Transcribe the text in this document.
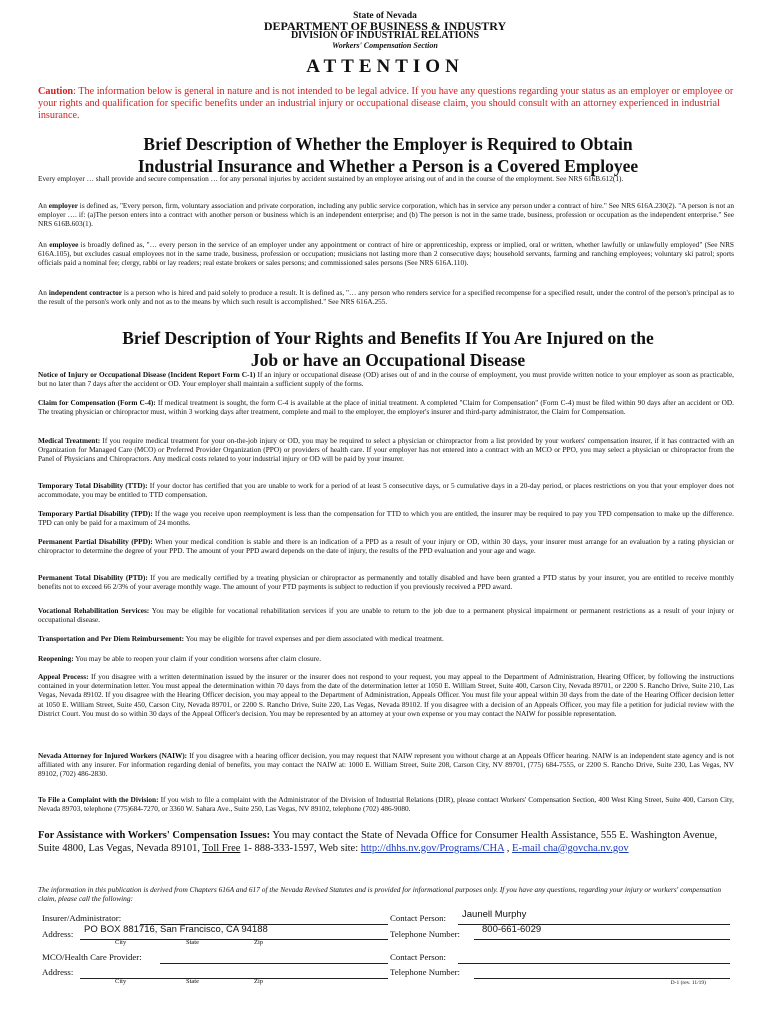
State of Nevada
DEPARTMENT OF BUSINESS & INDUSTRY
DIVISION OF INDUSTRIAL RELATIONS
Workers' Compensation Section
ATTENTION
Caution: The information below is general in nature and is not intended to be legal advice. If you have any questions regarding your status as an employer or employee or your rights and qualification for specific benefits under an industrial injury or occupational disease claim, you should consult with an attorney experienced in industrial insurance.
Brief Description of Whether the Employer is Required to Obtain
Industrial Insurance and Whether a Person is a Covered Employee
Every employer … shall provide and secure compensation … for any personal injuries by accident sustained by an employee arising out of and in the course of the employment. See NRS 616B.612(1).
An employer is defined as, "Every person, firm, voluntary association and private corporation, including any public service corporation, which has in service any person under a contract of hire." See NRS 616A.230(2). "A person is not an employer …. if: (a)The person enters into a contract with another person or business which is an independent enterprise; and (b) The person is not in the same trade, business, profession or occupation as the independent enterprise." See NRS 616B.603(1).
An employee is broadly defined as, "… every person in the service of an employer under any appointment or contract of hire or apprenticeship, express or implied, oral or written, whether lawfully or unlawfully employed" (See NRS 616A.105), but excludes casual employees not in the same trade, business, profession or occupation; musicians not lasting more than 2 consecutive days; household servants, farming and ranching employees; voluntary ski patrol; sports officials paid a nominal fee; clergy, rabbi or lay readers; real estate brokers or sales persons; and commissioned sales persons (See NRS 616A.110).
An independent contractor is a person who is hired and paid solely to produce a result. It is defined as, "… any person who renders service for a specified recompense for a specified result, under the control of the person's principal as to the result of the person's work only and not as to the means by which such result is accomplished." See NRS 616A.255.
Brief Description of Your Rights and Benefits If You Are Injured on the
Job or have an Occupational Disease
Notice of Injury or Occupational Disease (Incident Report Form C-1) If an injury or occupational disease (OD) arises out of and in the course of employment, you must provide written notice to your employer as soon as practicable, but no later than 7 days after the accident or OD. Your employer shall maintain a sufficient supply of the forms.
Claim for Compensation (Form C-4): If medical treatment is sought, the form C-4 is available at the place of initial treatment. A completed "Claim for Compensation" (Form C-4) must be filed within 90 days after an accident or OD. The treating physician or chiropractor must, within 3 working days after treatment, complete and mail to the employer, the employer's insurer and third-party administrator, the Claim for Compensation.
Medical Treatment: If you require medical treatment for your on-the-job injury or OD, you may be required to select a physician or chiropractor from a list provided by your workers' compensation insurer, if it has contracted with an Organization for Managed Care (MCO) or Preferred Provider Organization (PPO) or providers of health care. If your employer has not entered into a contract with an MCO or PPO, you may select a physician or chiropractor from the Panel of Physicians and Chiropractors. Any medical costs related to your industrial injury or OD will be paid by your insurer.
Temporary Total Disability (TTD): If your doctor has certified that you are unable to work for a period of at least 5 consecutive days, or 5 cumulative days in a 20-day period, or places restrictions on you that your employer does not accommodate, you may be entitled to TTD compensation.
Temporary Partial Disability (TPD): If the wage you receive upon reemployment is less than the compensation for TTD to which you are entitled, the insurer may be required to pay you TPD compensation to make up the difference. TPD can only be paid for a maximum of 24 months.
Permanent Partial Disability (PPD): When your medical condition is stable and there is an indication of a PPD as a result of your injury or OD, within 30 days, your insurer must arrange for an evaluation by a rating physician or chiropractor to determine the degree of your PPD. The amount of your PPD award depends on the date of injury, the results of the PPD evaluation and your age and wage.
Permanent Total Disability (PTD): If you are medically certified by a treating physician or chiropractor as permanently and totally disabled and have been granted a PTD status by your insurer, you are entitled to receive monthly benefits not to exceed 66 2/3% of your average monthly wage. The amount of your PTD payments is subject to reduction if you previously received a PPD award.
Vocational Rehabilitation Services: You may be eligible for vocational rehabilitation services if you are unable to return to the job due to a permanent physical impairment or permanent restrictions as a result of your injury or occupational disease.
Transportation and Per Diem Reimbursement: You may be eligible for travel expenses and per diem associated with medical treatment.
Reopening: You may be able to reopen your claim if your condition worsens after claim closure.
Appeal Process: If you disagree with a written determination issued by the insurer or the insurer does not respond to your request, you may appeal to the Department of Administration, Hearing Officer, by following the instructions contained in your determination letter. You must appeal the determination within 70 days from the date of the determination letter at 1050 E. William Street, Suite 400, Carson City, Nevada 89701, or 2200 S. Rancho Drive, Suite 210, Las Vegas, Nevada 89102. If you disagree with the Hearing Officer decision, you may appeal to the Department of Administration, Appeals Officer. You must file your appeal within 30 days from the date of the Hearing Officer decision letter at 1050 E. William Street, Suite 450, Carson City, Nevada 89701, or 2200 S. Rancho Drive, Suite 220, Las Vegas, Nevada 89102. If you disagree with a decision of an Appeals Officer, you may file a petition for judicial review with the District Court. You must do so within 30 days of the Appeal Officer's decision. You may be represented by an attorney at your own expense or you may contact the NAIW for possible representation.
Nevada Attorney for Injured Workers (NAIW): If you disagree with a hearing officer decision, you may request that NAIW represent you without charge at an Appeals Officer hearing. NAIW is an independent state agency and is not affiliated with any insurer. For information regarding denial of benefits, you may contact the NAIW at: 1000 E. William Street, Suite 208, Carson City, NV 89701, (775) 684-7555, or 2200 S. Rancho Drive, Suite 230, Las Vegas, NV 89102, (702) 486-2830.
To File a Complaint with the Division: If you wish to file a complaint with the Administrator of the Division of Industrial Relations (DIR), please contact Workers' Compensation Section, 400 West King Street, Suite 400, Carson City, Nevada 89703, telephone (775)684-7270, or 3360 W. Sahara Ave., Suite 250, Las Vegas, NV 89102, telephone (702) 486-9080.
For Assistance with Workers' Compensation Issues: You may contact the State of Nevada Office for Consumer Health Assistance, 555 E. Washington Avenue, Suite 4800, Las Vegas, Nevada 89101, Toll Free 1- 888-333-1597, Web site: http://dhhs.nv.gov/Programs/CHA , E-mail cha@govcha.nv.gov
The information in this publication is derived from Chapters 616A and 617 of the Nevada Revised Statutes and is provided for informational purposes only. If you have any questions, regarding your injury or workers' compensation claim, please call the following:
Insurer/Administrator:	Contact Person: Jaunell Murphy
Address: PO BOX 881716, San Francisco, CA 94188	Telephone Number: 800-661-6029
City	State	Zip
MCO/Health Care Provider:	Contact Person:
Address:	Telephone Number:
City	State	Zip	D-1 (rev. 11/19)
